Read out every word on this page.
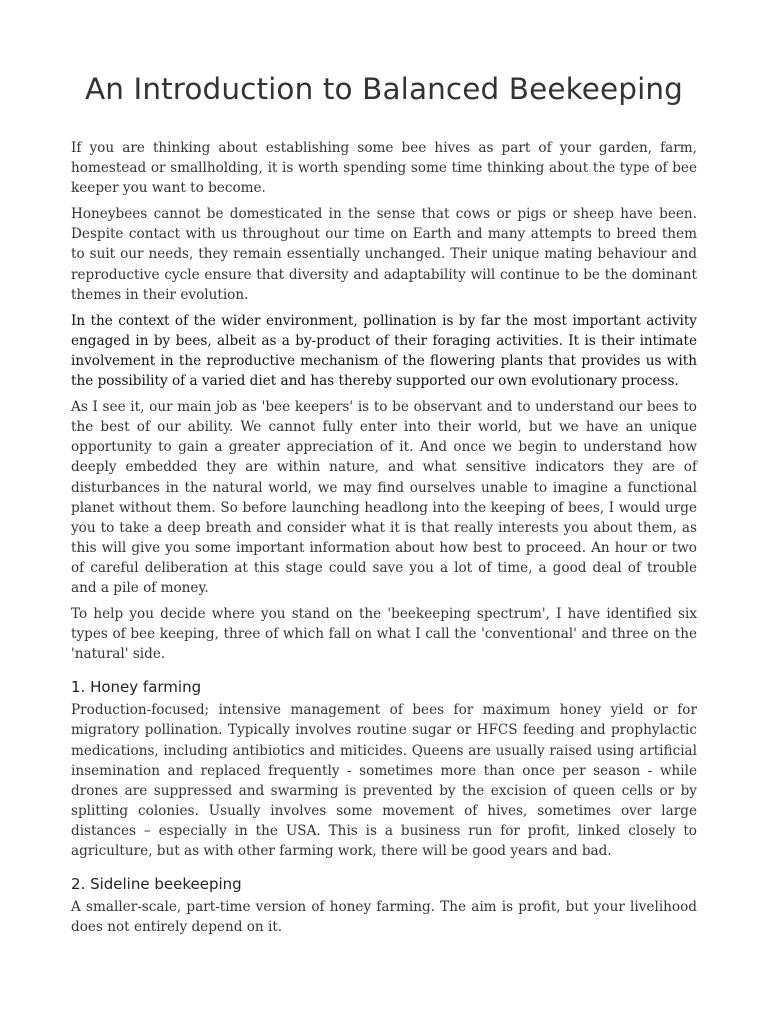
An Introduction to Balanced Beekeeping

If you are thinking about establishing some bee hives as part of your garden, farm, homestead or smallholding, it is worth spending some time thinking about the type of bee keeper you want to become.

Honeybees cannot be domesticated in the sense that cows or pigs or sheep have been. Despite contact with us throughout our time on Earth and many attempts to breed them to suit our needs, they remain essentially unchanged. Their unique mating behaviour and reproductive cycle ensure that diversity and adaptability will continue to be the dominant themes in their evolution.

In the context of the wider environment, pollination is by far the most important activity engaged in by bees, albeit as a by-product of their foraging activities. It is their intimate involvement in the reproductive mechanism of the flowering plants that provides us with the possibility of a varied diet and has thereby supported our own evolutionary process.

As I see it, our main job as 'bee keepers' is to be observant and to understand our bees to the best of our ability. We cannot fully enter into their world, but we have an unique opportunity to gain a greater appreciation of it. And once we begin to understand how deeply embedded they are within nature, and what sensitive indicators they are of disturbances in the natural world, we may find ourselves unable to imagine a functional planet without them. So before launching headlong into the keeping of bees, I would urge you to take a deep breath and consider what it is that really interests you about them, as this will give you some important information about how best to proceed. An hour or two of careful deliberation at this stage could save you a lot of time, a good deal of trouble and a pile of money.

To help you decide where you stand on the 'beekeeping spectrum', I have identified six types of bee keeping, three of which fall on what I call the 'conventional' and three on the 'natural' side.

1. Honey farming

Production-focused; intensive management of bees for maximum honey yield or for migratory pollination. Typically involves routine sugar or HFCS feeding and prophylactic medications, including antibiotics and miticides. Queens are usually raised using artificial insemination and replaced frequently - sometimes more than once per season - while drones are suppressed and swarming is prevented by the excision of queen cells or by splitting colonies. Usually involves some movement of hives, sometimes over large distances – especially in the USA. This is a business run for profit, linked closely to agriculture, but as with other farming work, there will be good years and bad.

2. Sideline beekeeping

A smaller-scale, part-time version of honey farming. The aim is profit, but your livelihood does not entirely depend on it.
